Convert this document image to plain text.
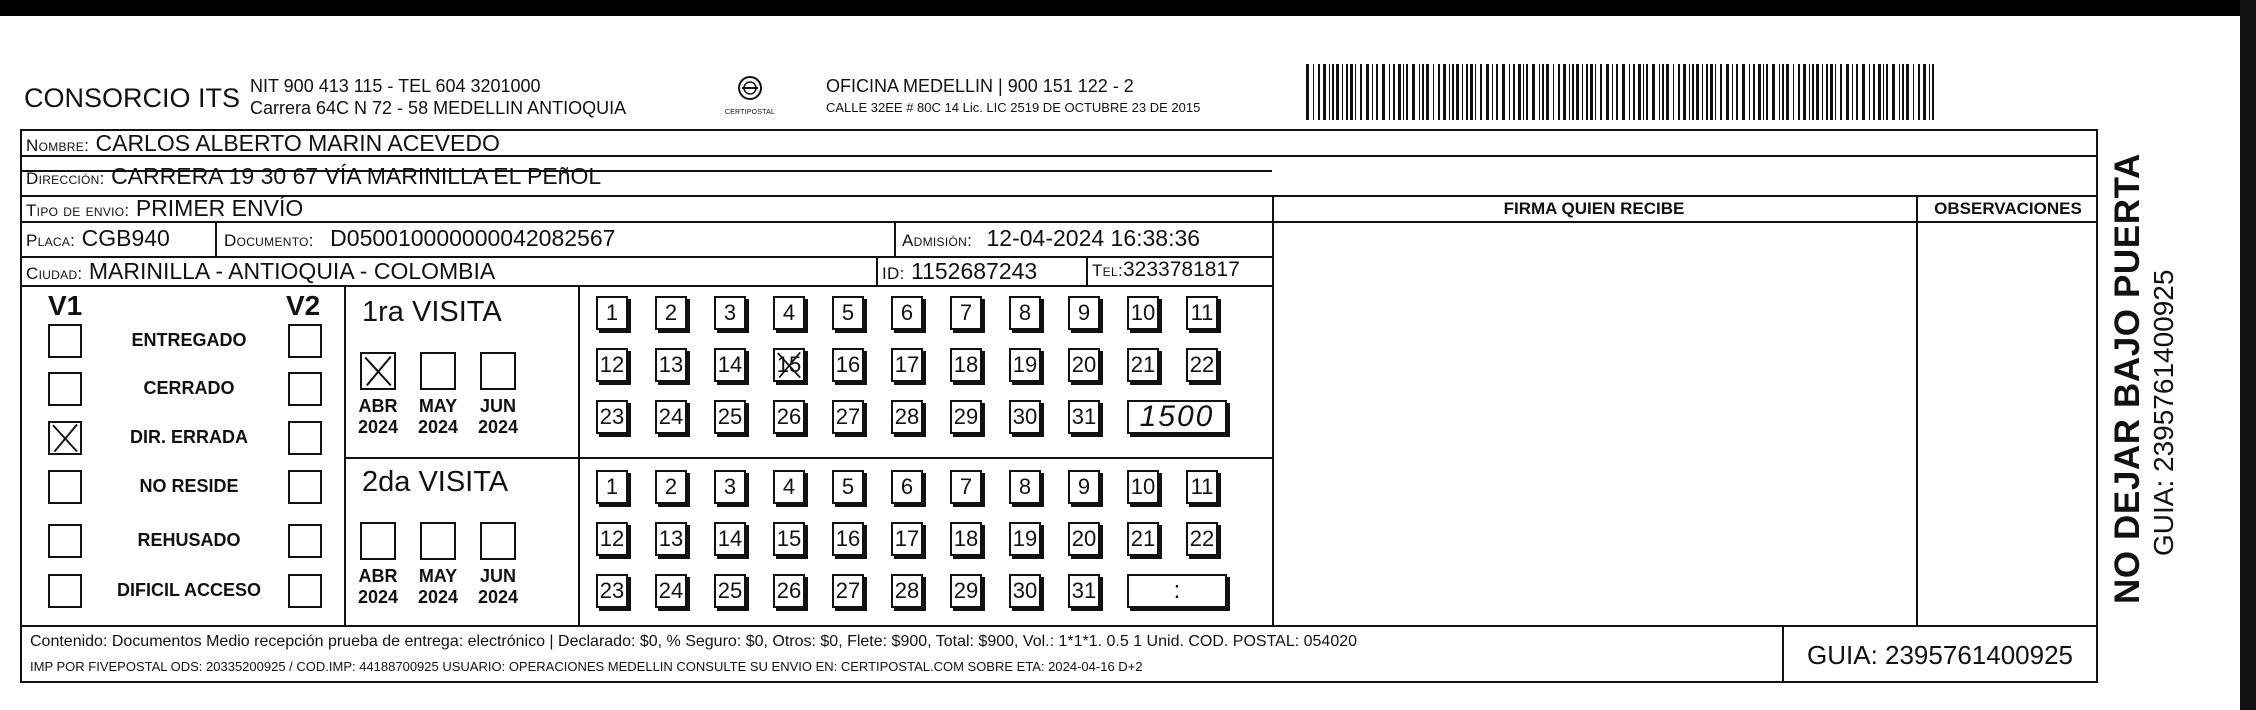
CONSORCIO ITS NIT 900 413 115 - TEL 604 3201000
Carrera 64C N 72 - 58 MEDELLIN ANTIOQUIA	CERTIPOSTAL
OFICINA MEDELLIN | 900 151 122 - 2
CALLE 32EE # 80C 14 Lic. LIC 2519 DE OCTUBRE 23 DE 2015
Nombre: CARLOS ALBERTO MARIN ACEVEDO
Dirección: CARRERA 19 30 67 VÍA MARINILLA EL PEñOL
Tipo de envio: PRIMER ENVÍO
Placa: CGB940	Documento: D050010000000042082567	Admisión: 12-04-2024 16:38:36
Ciudad: MARINILLA - ANTIOQUIA - COLOMBIA	ID: 1152687243	Tel:3233781817
FIRMA QUIEN RECIBE	OBSERVACIONES
V1	V2
ENTREGADO
CERRADO
DIR. ERRADA
NO RESIDE
REHUSADO
DIFICIL ACCESO
1ra VISITA
2da VISITA
ABR
2024
MAY
2024
JUN
2024
ABR
2024
MAY
2024
JUN
2024
1 2 3 4 5 6 7 8 9 10 11
12 13 14 15 16 17 18 19 20 21 22
23 24 25 26 27 28 29 30 31 1500
1 2 3 4 5 6 7 8 9 10 11
12 13 14 15 16 17 18 19 20 21 22
23 24 25 26 27 28 29 30 31	:
Contenido: Documentos Medio recepción prueba de entrega: electrónico | Declarado: $0, % Seguro: $0, Otros: $0, Flete: $900, Total: $900, Vol.: 1*1*1. 0.5 1 Unid. COD. POSTAL: 054020
IMP POR FIVEPOSTAL ODS: 20335200925 / COD.IMP: 44188700925 USUARIO: OPERACIONES MEDELLIN CONSULTE SU ENVIO EN: CERTIPOSTAL.COM SOBRE ETA: 2024-04-16 D+2	GUIA: 2395761400925
NO DEJAR BAJO PUERTA GUIA: 2395761400925
